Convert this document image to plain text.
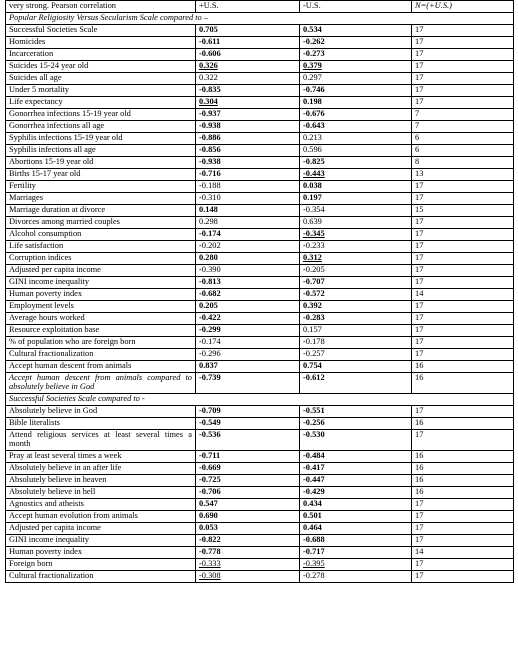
very strong. Pearson correlation	+U.S.	-U.S.	N=(+U.S.)
Popular Religiosity Versus Secularism Scale compared to –			
Successful Societies Scale	0.705	0.534	17
Homicides	-0.611	-0.262	17
Incarceration	-0.606	-0.273	17
Suicides 15-24 year old	0.326	0.379	17
Suicides all age	0.322	0.297	17
Under 5 mortality	-0.835	-0.746	17
Life expectancy	0.304	0.198	17
Gonorrhea infections 15-19 year old	-0.937	-0.676	7
Gonorrhea infections all age	-0.938	-0.643	7
Syphilis infections 15-19 year old	-0.886	0.213	6
Syphilis infections all age	-0.856	0.596	6
Abortions 15-19 year old	-0.938	-0.825	8
Births 15-17 year old	-0.716	-0.443	13
Fertility	-0.188	0.038	17
Marriages	-0.310	0.197	17
Marriage duration at divorce	0.148	-0.354	15
Divorces among married couples	0.298	0.639	17
Alcohol consumption	-0.174	-0.345	17
Life satisfaction	-0.202	-0.233	17
Corruption indices	0.280	0.312	17
Adjusted per capita income	-0.390	-0.205	17
GINI income inequality	-0.813	-0.707	17
Human poverty index	-0.682	-0.572	14
Employment levels	0.205	0.392	17
Average hours worked	-0.422	-0.283	17
Resource exploitation base	-0.299	0.157	17
% of population who are foreign born	-0.174	-0.178	17
Cultural fractionalization	-0.296	-0.257	17
Accept human descent from animals	0.837	0.754	16
Accept human descent from animals compared to absolutely believe in God	-0.739	-0.612	16
Successful Societies Scale compared to -			
Absolutely believe in God	-0.709	-0.551	17
Bible literalists	-0.549	-0.256	16
Attend religious services at least several times a month	-0.536	-0.530	17
Pray at least several times a week	-0.711	-0.484	16
Absolutely believe in an after life	-0.669	-0.417	16
Absolutely believe in heaven	-0.725	-0.447	16
Absolutely believe in hell	-0.706	-0.429	16
Agnostics and atheists	0.547	0.434	17
Accept human evolution from animals	0.690	0.501	17
Adjusted per capita income	0.053	0.464	17
GINI income inequality	-0.822	-0.688	17
Human poverty index	-0.778	-0.717	14
Foreign born	-0.333	-0.395	17
Cultural fractionalization	-0.308	-0.278	17
